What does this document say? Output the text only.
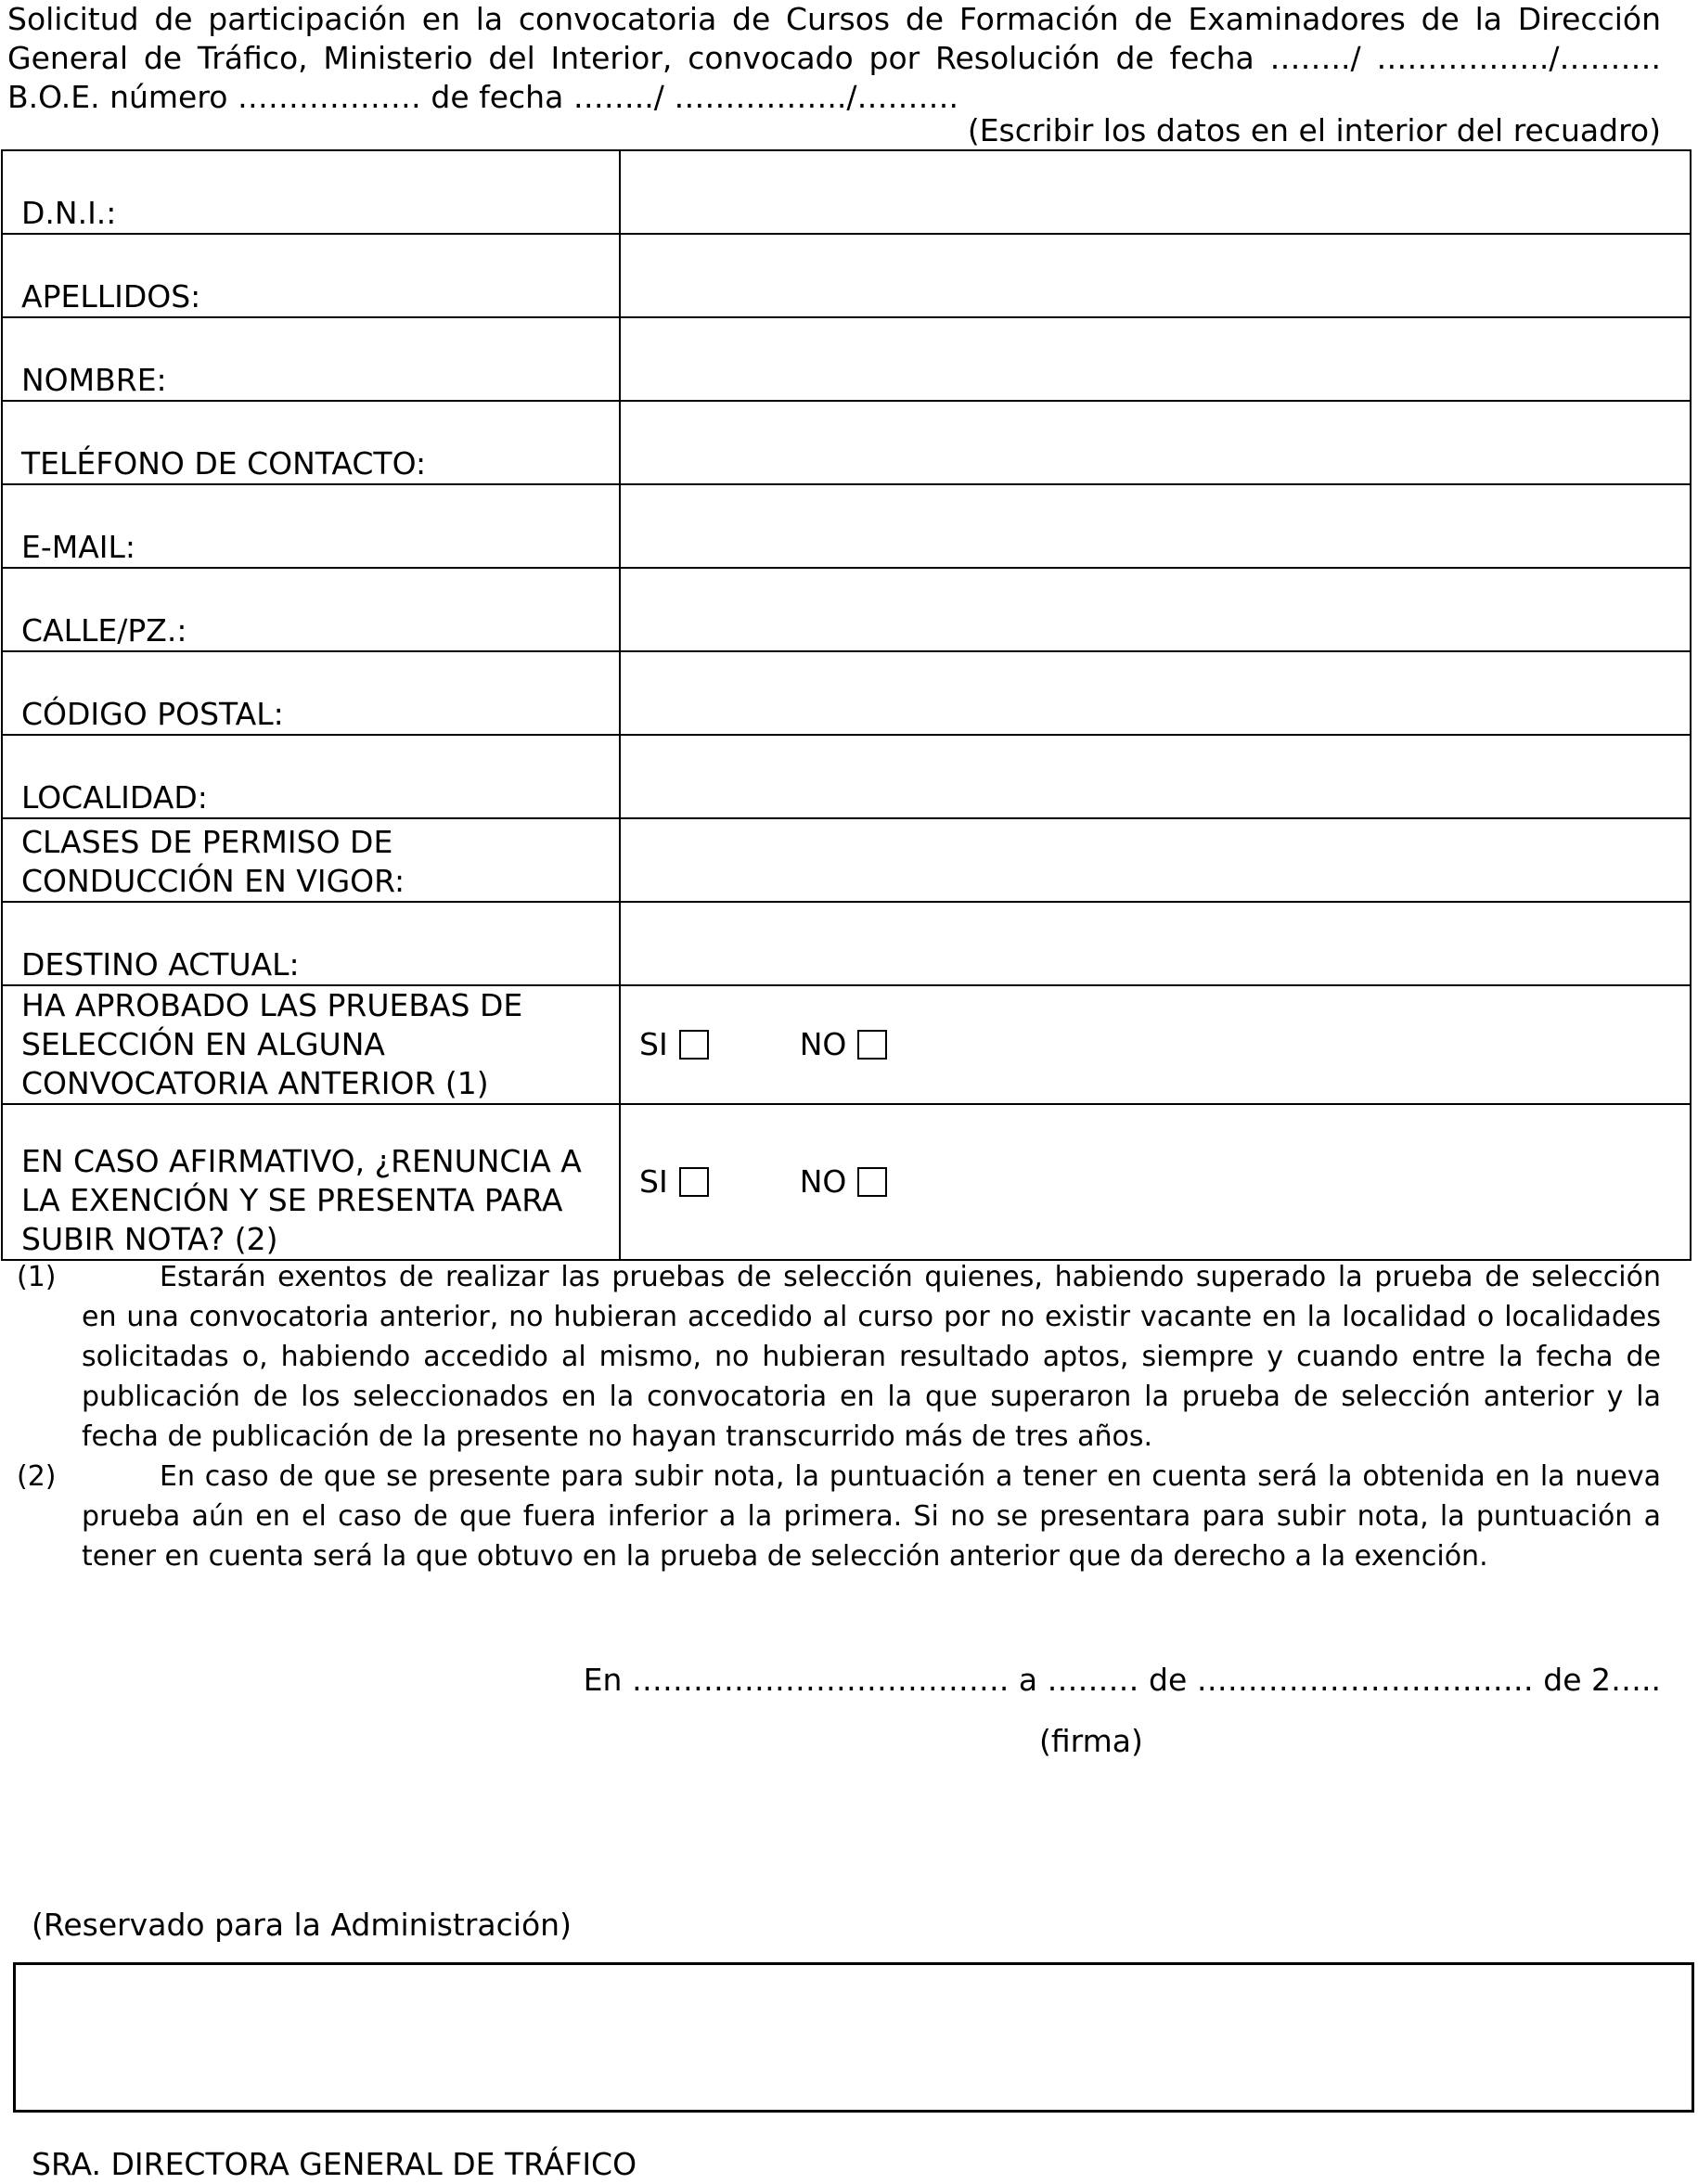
Solicitud de participación en la convocatoria de Cursos de Formación de Examinadores de la Dirección
General de Tráfico, Ministerio del Interior, convocado por Resolución de fecha ……../ ……………../……….
B.O.E. número ……………… de fecha ……../ ……………../……….
(Escribir los datos en el interior del recuadro)
D.N.I.:	

APELLIDOS:	

NOMBRE:	

TELÉFONO DE CONTACTO:	

E-MAIL:	

CALLE/PZ.:	

CÓDIGO POSTAL:	

LOCALIDAD:	

CLASES DE PERMISO DE CONDUCCIÓN EN VIGOR:	

DESTINO ACTUAL:	

HA APROBADO LAS PRUEBAS DE SELECCIÓN EN ALGUNA CONVOCATORIA ANTERIOR (1)	SI NO

EN CASO AFIRMATIVO, ¿RENUNCIA A LA EXENCIÓN Y SE PRESENTA PARA SUBIR NOTA? (2)	SI NO
(1)	Estarán exentos de realizar las pruebas de selección quienes, habiendo superado la prueba de selección en una convocatoria anterior, no hubieran accedido al curso por no existir vacante en la localidad o localidades solicitadas o, habiendo accedido al mismo, no hubieran resultado aptos, siempre y cuando entre la fecha de publicación de los seleccionados en la convocatoria en la que superaron la prueba de selección anterior y la fecha de publicación de la presente no hayan transcurrido más de tres años.
(2)	En caso de que se presente para subir nota, la puntuación a tener en cuenta será la obtenida en la nueva prueba aún en el caso de que fuera inferior a la primera. Si no se presentara para subir nota, la puntuación a tener en cuenta será la que obtuvo en la prueba de selección anterior que da derecho a la exención.
En ………………………………. a ……… de …………………………… de 2…..
(firma)
(Reservado para la Administración)
SRA. DIRECTORA GENERAL DE TRÁFICO
